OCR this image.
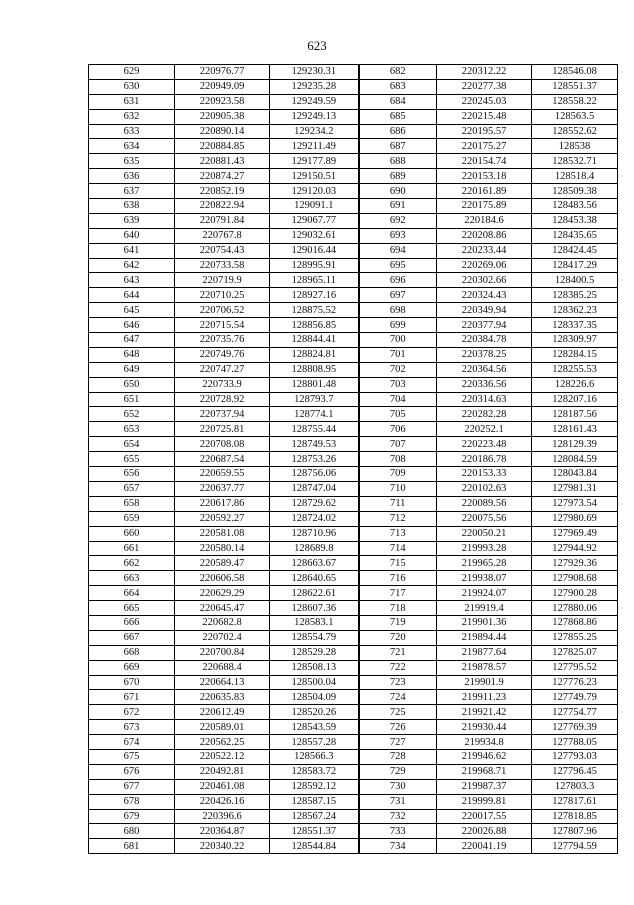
623
629	220976.77	129230.31	682	220312.22	128546.08
630	220949.09	129235.28	683	220277.38	128551.37
631	220923.58	129249.59	684	220245.03	128558.22
632	220905.38	129249.13	685	220215.48	128563.5
633	220890.14	129234.2	686	220195.57	128552.62
634	220884.85	129211.49	687	220175.27	128538
635	220881.43	129177.89	688	220154.74	128532.71
636	220874.27	129150.51	689	220153.18	128518.4
637	220852.19	129120.03	690	220161.89	128509.38
638	220822.94	129091.1	691	220175.89	128483.56
639	220791.84	129067.77	692	220184.6	128453.38
640	220767.8	129032.61	693	220208.86	128435.65
641	220754.43	129016.44	694	220233.44	128424.45
642	220733.58	128995.91	695	220269.06	128417.29
643	220719.9	128965.11	696	220302.66	128400.5
644	220710.25	128927.16	697	220324.43	128385.25
645	220706.52	128875.52	698	220349.94	128362.23
646	220715.54	128856.85	699	220377.94	128337.35
647	220735.76	128844.41	700	220384.78	128309.97
648	220749.76	128824.81	701	220378.25	128284.15
649	220747.27	128808.95	702	220364.56	128255.53
650	220733.9	128801.48	703	220336.56	128226.6
651	220728.92	128793.7	704	220314.63	128207.16
652	220737.94	128774.1	705	220282.28	128187.56
653	220725.81	128755.44	706	220252.1	128161.43
654	220708.08	128749.53	707	220223.48	128129.39
655	220687.54	128753.26	708	220186.78	128084.59
656	220659.55	128756.06	709	220153.33	128043.84
657	220637.77	128747.04	710	220102.63	127981.31
658	220617.86	128729.62	711	220089.56	127973.54
659	220592.27	128724.02	712	220075.56	127980.69
660	220581.08	128710.96	713	220050.21	127969.49
661	220580.14	128689.8	714	219993.28	127944.92
662	220589.47	128663.67	715	219965.28	127929.36
663	220606.58	128640.65	716	219938.07	127908.68
664	220629.29	128622.61	717	219924.07	127900.28
665	220645.47	128607.36	718	219919.4	127880.06
666	220682.8	128583.1	719	219901.36	127868.86
667	220702.4	128554.79	720	219894.44	127855.25
668	220700.84	128529.28	721	219877.64	127825.07
669	220688.4	128508.13	722	219878.57	127795.52
670	220664.13	128500.04	723	219901.9	127776.23
671	220635.83	128504.09	724	219911.23	127749.79
672	220612.49	128520.26	725	219921.42	127754.77
673	220589.01	128543.59	726	219930.44	127769.39
674	220562.25	128557.28	727	219934.8	127788.05
675	220522.12	128566.3	728	219946.62	127793.03
676	220492.81	128583.72	729	219968.71	127796.45
677	220461.08	128592.12	730	219987.37	127803.3
678	220426.16	128587.15	731	219999.81	127817.61
679	220396.6	128567.24	732	220017.55	127818.85
680	220364.87	128551.37	733	220026.88	127807.96
681	220340.22	128544.84	734	220041.19	127794.59
